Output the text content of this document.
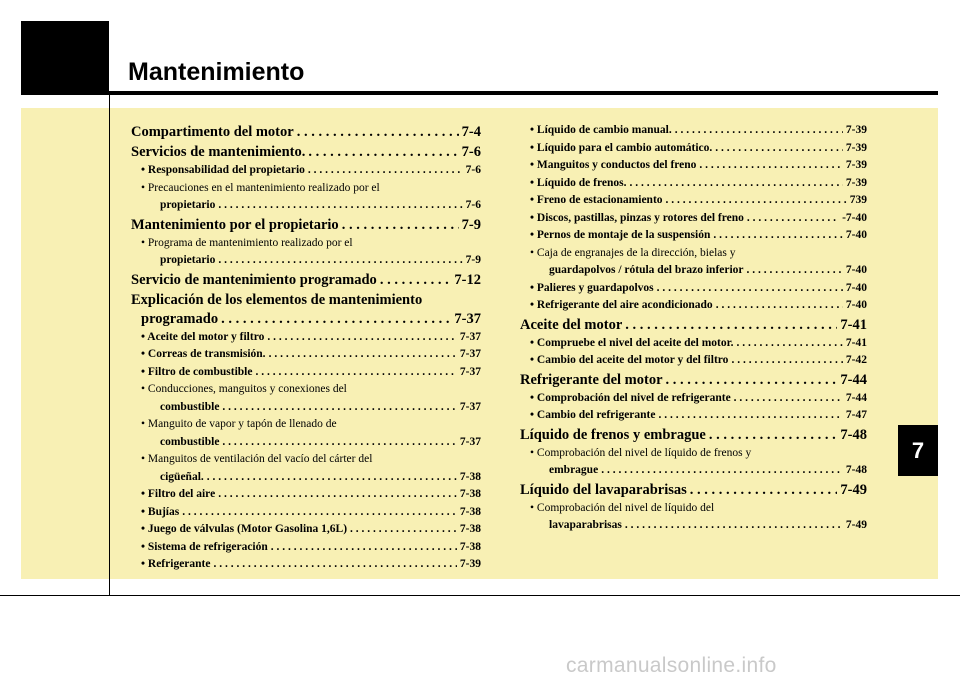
Mantenimiento
7
Compartimento del motor . . .	7-4
Servicios de mantenimiento. . . .	7-6
• Responsabilidad del propietario . . .	7-6
• Precauciones en el mantenimiento realizado por el
propietario . . .	7-6
Mantenimiento por el propietario . . .	7-9
• Programa de mantenimiento realizado por el
propietario . . .	7-9
Servicio de mantenimiento programado . . .	7-12
Explicación de los elementos de mantenimiento
programado . . .	7-37
• Aceite del motor y filtro . . .	7-37
• Correas de transmisión. . . .	7-37
• Filtro de combustible . . .	7-37
• Conducciones, manguitos y conexiones del
combustible . . .	7-37
• Manguito de vapor y tapón de llenado de
combustible . . .	7-37
• Manguitos de ventilación del vacío del cárter del
cigüeñal. . . .	7-38
• Filtro del aire . . .	7-38
• Bujías . . .	7-38
• Juego de válvulas (Motor Gasolina 1,6L) . . .	7-38
• Sistema de refrigeración . . .	7-38
• Refrigerante . . .	7-39
• Líquido de cambio manual. . . .	7-39
• Líquido para el cambio automático. . . .	7-39
• Manguitos y conductos del freno . . .	7-39
• Líquido de frenos. . . .	7-39
• Freno de estacionamiento . . .	739
• Discos, pastillas, pinzas y rotores del freno . . .	-7-40
• Pernos de montaje de la suspensión . . .	7-40
• Caja de engranajes de la dirección, bielas y
guardapolvos / rótula del brazo inferior . . .	7-40
• Palieres y guardapolvos . . .	7-40
• Refrigerante del aire acondicionado . . .	7-40
Aceite del motor . . .	7-41
• Compruebe el nivel del aceite del motor. . . .	7-41
• Cambio del aceite del motor y del filtro . . .	7-42
Refrigerante del motor . . .	7-44
• Comprobación del nivel de refrigerante . . .	7-44
• Cambio del refrigerante . . .	7-47
Líquido de frenos y embrague . . .	7-48
• Comprobación del nivel de líquido de frenos y
embrague . . .	7-48
Líquido del lavaparabrisas . . .	7-49
• Comprobación del nivel de líquido del
lavaparabrisas . . .	7-49
carmanualsonline.info
